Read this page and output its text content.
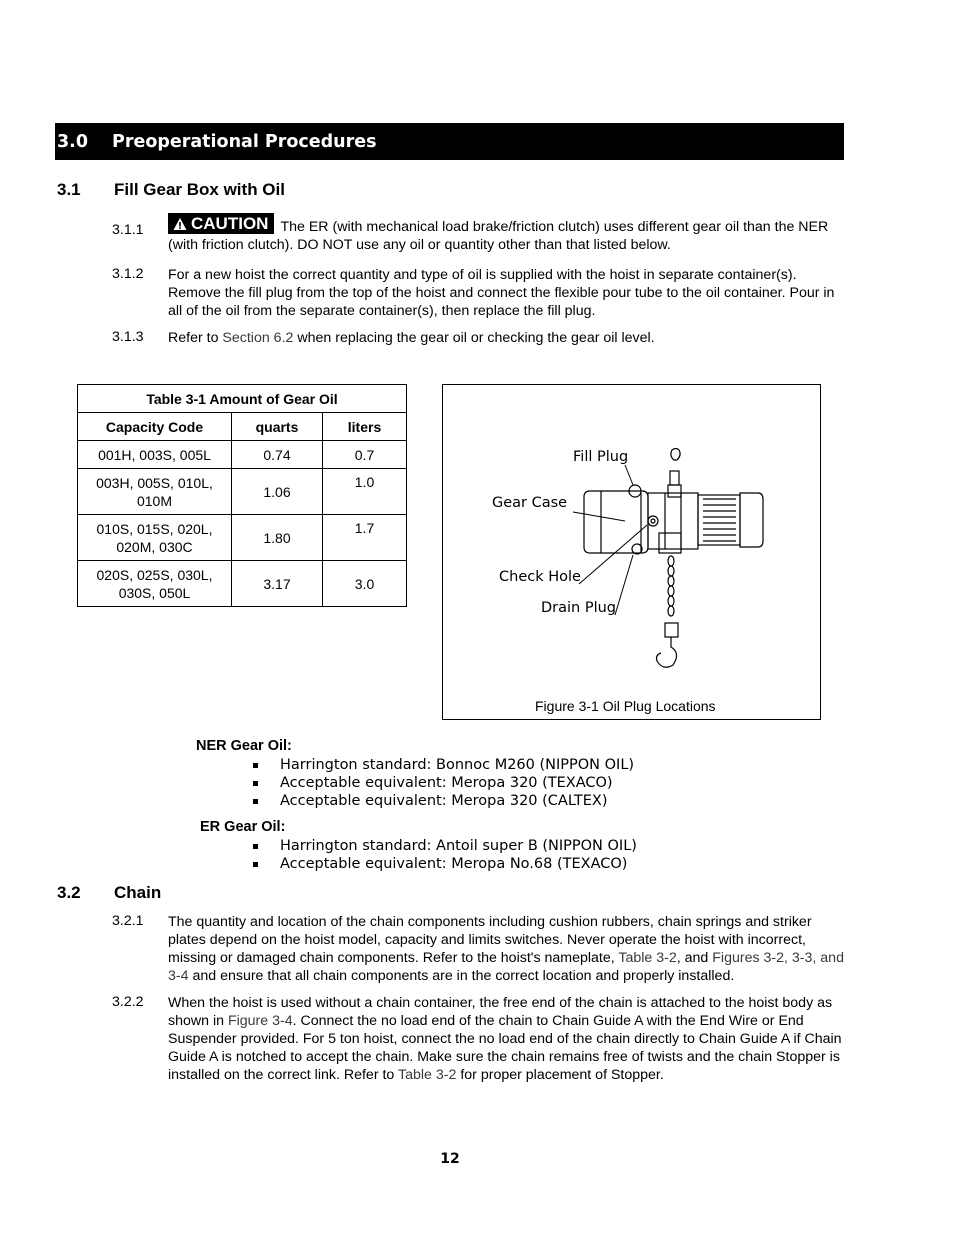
3.0 Preoperational Procedures
3.1 Fill Gear Box with Oil
3.1.1	CAUTION The ER (with mechanical load brake/friction clutch) uses different gear oil than the NER (with friction clutch). DO NOT use any oil or quantity other than that listed below.
3.1.2 For a new hoist the correct quantity and type of oil is supplied with the hoist in separate container(s). Remove the fill plug from the top of the hoist and connect the flexible pour tube to the oil container. Pour in all of the oil from the separate container(s), then replace the fill plug.
3.1.3 Refer to Section 6.2 when replacing the gear oil or checking the gear oil level.
Table 3-1 Amount of Gear Oil		
Capacity Code	quarts	liters
001H, 003S, 005L	0.74	0.7
003H, 005S, 010L, 010M	1.06	1.0
010S, 015S, 020L, 020M, 030C	1.80	1.7
020S, 025S, 030L, 030S, 050L	3.17	3.0
Fill Plug
Gear Case
Check Hole
Drain Plug
Figure 3-1 Oil Plug Locations
NER Gear Oil:
Harrington standard: Bonnoc M260 (NIPPON OIL)
Acceptable equivalent: Meropa 320 (TEXACO)
Acceptable equivalent: Meropa 320 (CALTEX)
ER Gear Oil:
Harrington standard: Antoil super B (NIPPON OIL)
Acceptable equivalent: Meropa No.68 (TEXACO)
3.2 Chain
3.2.1 The quantity and location of the chain components including cushion rubbers, chain springs and striker plates depend on the hoist model, capacity and limits switches. Never operate the hoist with incorrect, missing or damaged chain components. Refer to the hoist's nameplate, Table 3-2, and Figures 3-2, 3-3, and 3-4 and ensure that all chain components are in the correct location and properly installed.
3.2.2 When the hoist is used without a chain container, the free end of the chain is attached to the hoist body as shown in Figure 3-4. Connect the no load end of the chain to Chain Guide A with the End Wire or End Suspender provided. For 5 ton hoist, connect the no load end of the chain directly to Chain Guide A if Chain Guide A is notched to accept the chain. Make sure the chain remains free of twists and the chain Stopper is installed on the correct link. Refer to Table 3-2 for proper placement of Stopper.
12
